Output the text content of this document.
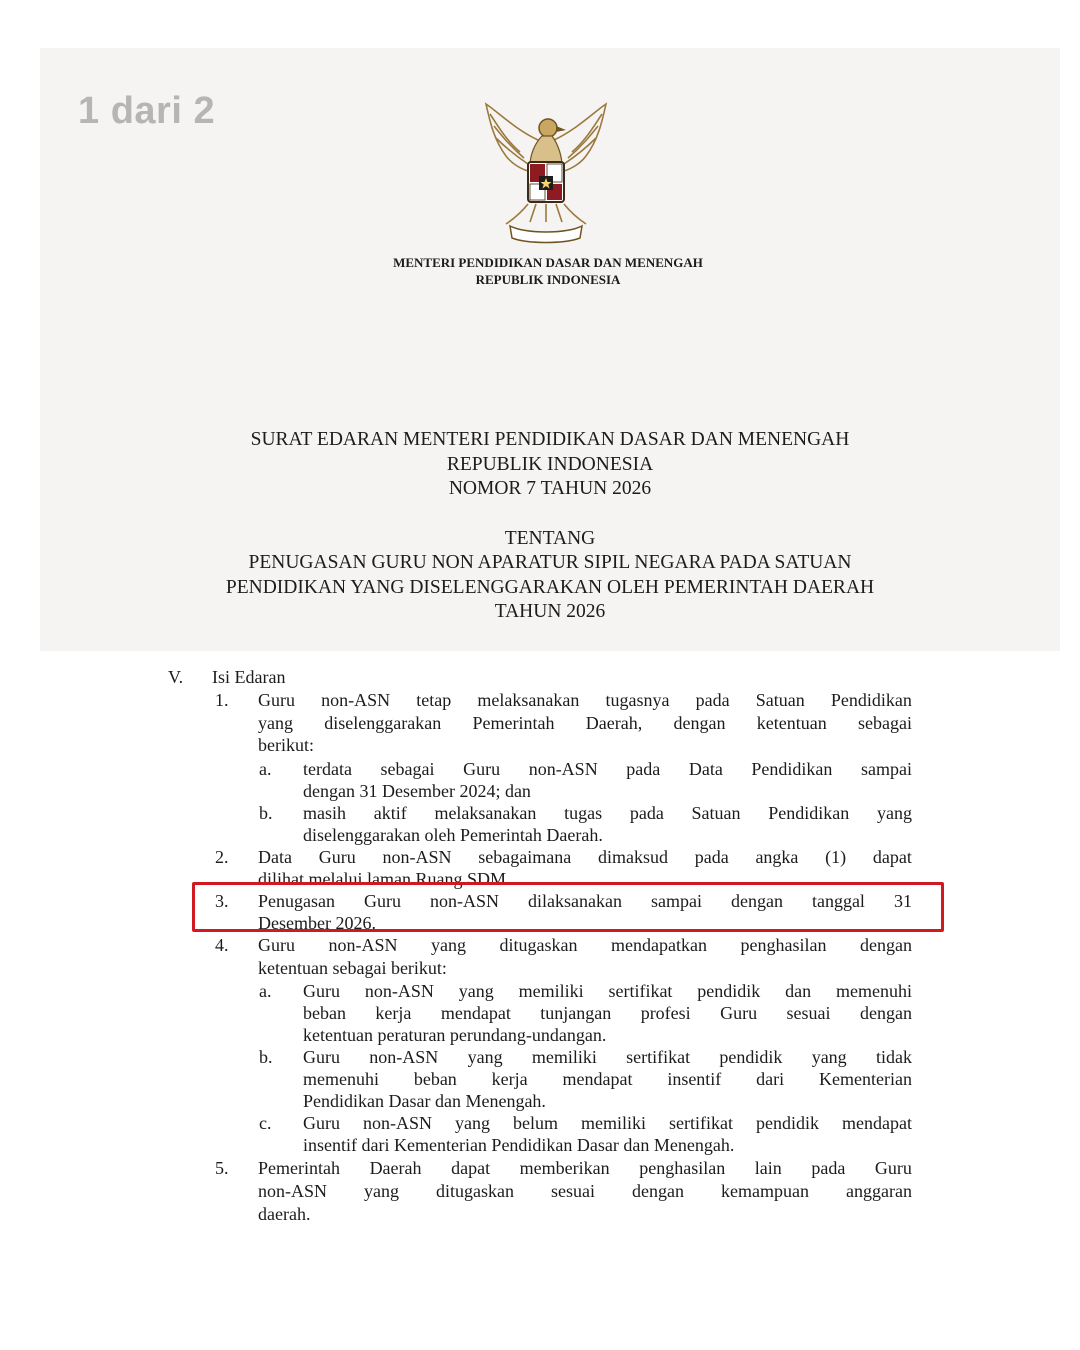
1 dari 2
MENTERI PENDIDIKAN DASAR DAN MENENGAH
REPUBLIK INDONESIA
SURAT EDARAN MENTERI PENDIDIKAN DASAR DAN MENENGAH
REPUBLIK INDONESIA
NOMOR 7 TAHUN 2026
TENTANG
PENUGASAN GURU NON APARATUR SIPIL NEGARA PADA SATUAN
PENDIDIKAN YANG DISELENGGARAKAN OLEH PEMERINTAH DAERAH
TAHUN 2026
V. Isi Edaran
1. Guru non-ASN tetap melaksanakan tugasnya pada Satuan Pendidikan
yang diselenggarakan Pemerintah Daerah, dengan ketentuan sebagai
berikut:
a. terdata sebagai Guru non-ASN pada Data Pendidikan sampai
dengan 31 Desember 2024; dan
b. masih aktif melaksanakan tugas pada Satuan Pendidikan yang
diselenggarakan oleh Pemerintah Daerah.
2. Data Guru non-ASN sebagaimana dimaksud pada angka (1) dapat
dilihat melalui laman Ruang SDM.
3. Penugasan Guru non-ASN dilaksanakan sampai dengan tanggal 31
Desember 2026.
4. Guru non-ASN yang ditugaskan mendapatkan penghasilan dengan
ketentuan sebagai berikut:
a. Guru non-ASN yang memiliki sertifikat pendidik dan memenuhi
beban kerja mendapat tunjangan profesi Guru sesuai dengan
ketentuan peraturan perundang-undangan.
b. Guru non-ASN yang memiliki sertifikat pendidik yang tidak
memenuhi beban kerja mendapat insentif dari Kementerian
Pendidikan Dasar dan Menengah.
c. Guru non-ASN yang belum memiliki sertifikat pendidik mendapat
insentif dari Kementerian Pendidikan Dasar dan Menengah.
5. Pemerintah Daerah dapat memberikan penghasilan lain pada Guru
non-ASN yang ditugaskan sesuai dengan kemampuan anggaran
daerah.
